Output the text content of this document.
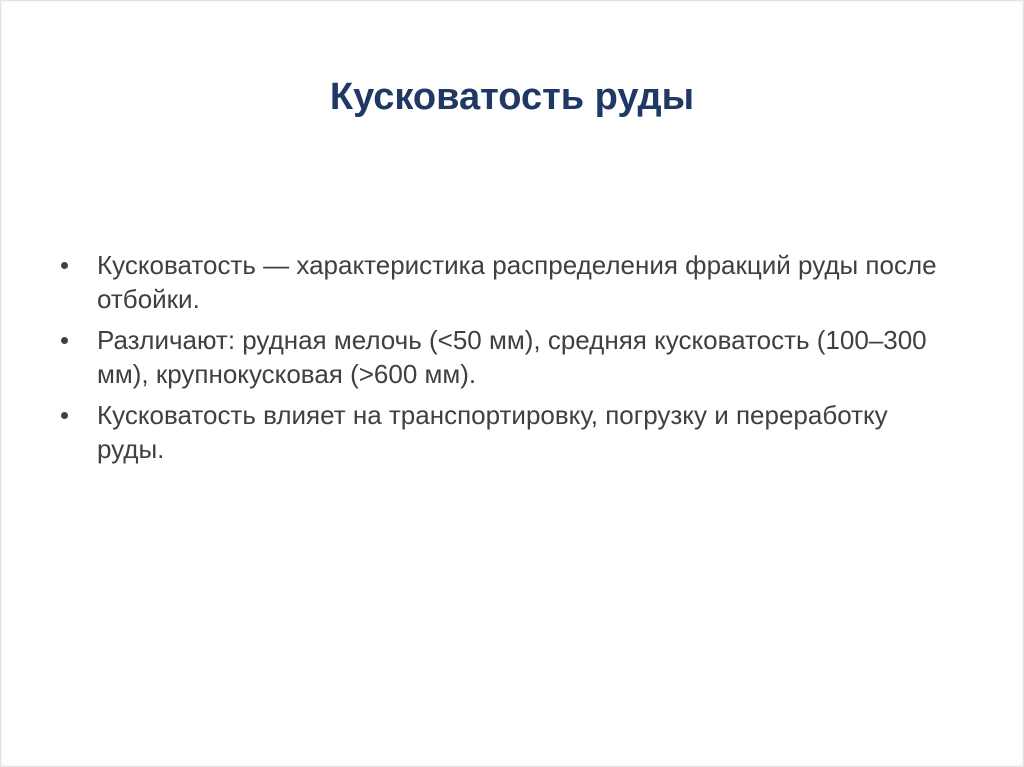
Кусковатость руды
Кусковатость — характеристика распределения фракций руды после
отбойки.
Различают: рудная мелочь (<50 мм), средняя кусковатость (100–300
мм), крупнокусковая (>600 мм).
Кусковатость влияет на транспортировку, погрузку и переработку
руды.
